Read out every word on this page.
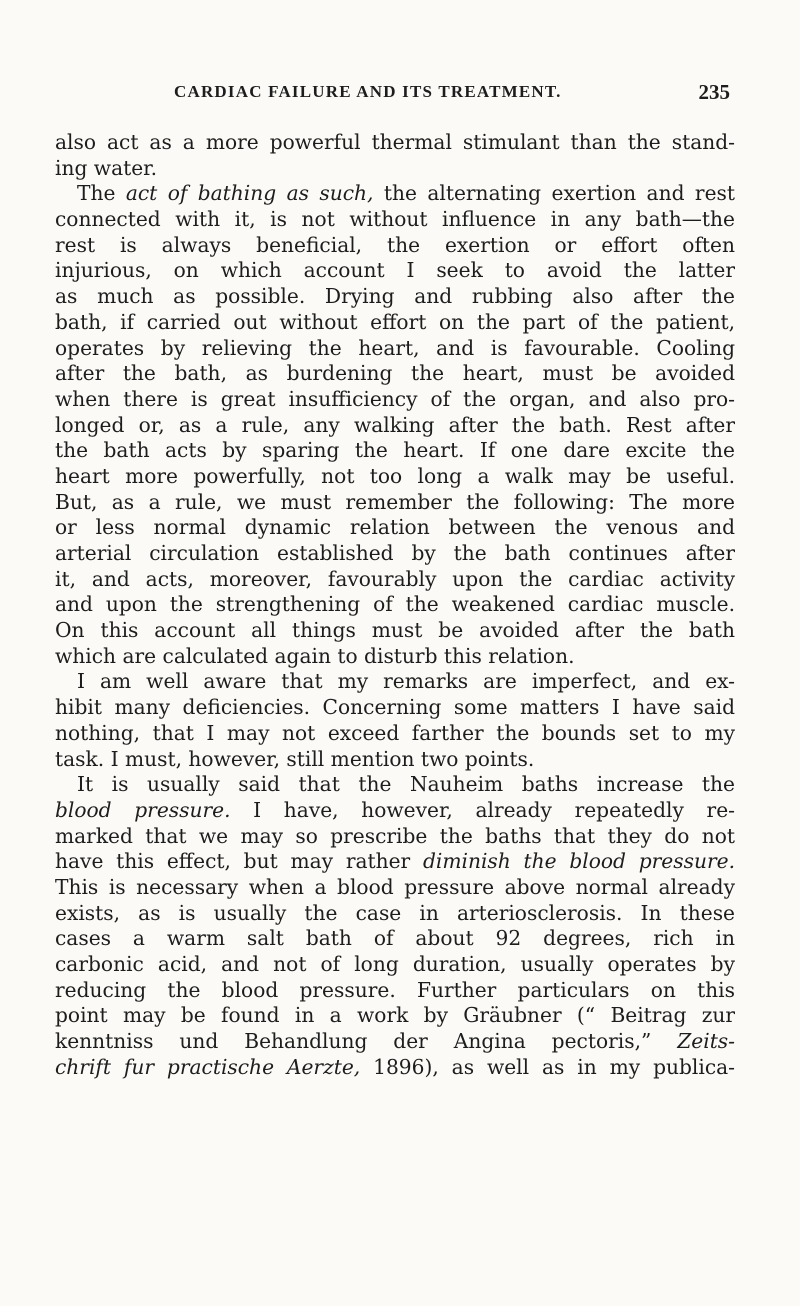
CARDIAC FAILURE AND ITS TREATMENT.	235
also act as a more powerful thermal stimulant than the stand-
ing water.
The act of bathing as such, the alternating exertion and rest
connected with it, is not without influence in any bath—the
rest is always beneficial, the exertion or effort often
injurious, on which account I seek to avoid the latter
as much as possible. Drying and rubbing also after the
bath, if carried out without effort on the part of the patient,
operates by relieving the heart, and is favourable. Cooling
after the bath, as burdening the heart, must be avoided
when there is great insufficiency of the organ, and also pro-
longed or, as a rule, any walking after the bath. Rest after
the bath acts by sparing the heart. If one dare excite the
heart more powerfully, not too long a walk may be useful.
But, as a rule, we must remember the following: The more
or less normal dynamic relation between the venous and
arterial circulation established by the bath continues after
it, and acts, moreover, favourably upon the cardiac activity
and upon the strengthening of the weakened cardiac muscle.
On this account all things must be avoided after the bath
which are calculated again to disturb this relation.
I am well aware that my remarks are imperfect, and ex-
hibit many deficiencies. Concerning some matters I have said
nothing, that I may not exceed farther the bounds set to my
task. I must, however, still mention two points.
It is usually said that the Nauheim baths increase the
blood pressure. I have, however, already repeatedly re-
marked that we may so prescribe the baths that they do not
have this effect, but may rather diminish the blood pressure.
This is necessary when a blood pressure above normal already
exists, as is usually the case in arteriosclerosis. In these
cases a warm salt bath of about 92 degrees, rich in
carbonic acid, and not of long duration, usually operates by
reducing the blood pressure. Further particulars on this
point may be found in a work by Gräubner (“ Beitrag zur
kenntniss und Behandlung der Angina pectoris,” Zeits-
chrift fur practische Aerzte, 1896), as well as in my publica-
